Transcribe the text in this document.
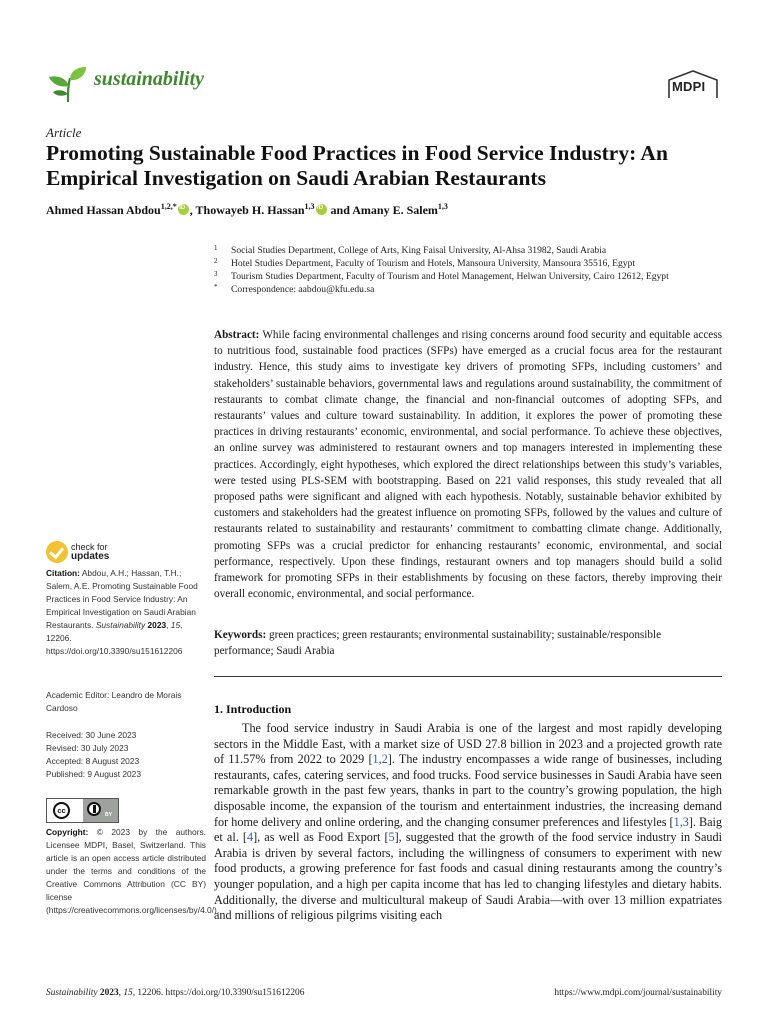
sustainability	MDPI
Article
Promoting Sustainable Food Practices in Food Service Industry: An Empirical Investigation on Saudi Arabian Restaurants
Ahmed Hassan Abdou$^{1,2,*}$iD , Thowayeb H. Hassan$^{1,3}$iD and Amany E. Salem$^{1,3}$
1 Social Studies Department, College of Arts, King Faisal University, Al-Ahsa 31982, Saudi Arabia
2 Hotel Studies Department, Faculty of Tourism and Hotels, Mansoura University, Mansoura 35516, Egypt
3 Tourism Studies Department, Faculty of Tourism and Hotel Management, Helwan University, Cairo 12612, Egypt
* Correspondence: aabdou@kfu.edu.sa
Abstract: While facing environmental challenges and rising concerns around food security and equitable access to nutritious food, sustainable food practices (SFPs) have emerged as a crucial focus area for the restaurant industry. Hence, this study aims to investigate key drivers of promoting SFPs, including customers’ and stakeholders’ sustainable behaviors, governmental laws and regulations around sustainability, the commitment of restaurants to combat climate change, the financial and non-financial outcomes of adopting SFPs, and restaurants’ values and culture toward sustainability. In addition, it explores the power of promoting these practices in driving restaurants’ economic, environmental, and social performance. To achieve these objectives, an online survey was administered to restaurant owners and top managers interested in implementing these practices. Accordingly, eight hypotheses, which explored the direct relationships between this study’s variables, were tested using PLS-SEM with bootstrapping. Based on 221 valid responses, this study revealed that all proposed paths were significant and aligned with each hypothesis. Notably, sustainable behavior exhibited by customers and stakeholders had the greatest influence on promoting SFPs, followed by the values and culture of restaurants related to sustainability and restaurants’ commitment to combatting climate change. Additionally, promoting SFPs was a crucial predictor for enhancing restaurants’ economic, environmental, and social performance, respectively. Upon these findings, restaurant owners and top managers should build a solid framework for promoting SFPs in their establishments by focusing on these factors, thereby improving their overall economic, environmental, and social performance.
Keywords: green practices; green restaurants; environmental sustainability; sustainable/responsible performance; Saudi Arabia
1. Introduction
The food service industry in Saudi Arabia is one of the largest and most rapidly developing sectors in the Middle East, with a market size of USD 27.8 billion in 2023 and a projected growth rate of 11.57% from 2022 to 2029 [1,2]. The industry encompasses a wide range of businesses, including restaurants, cafes, catering services, and food trucks. Food service businesses in Saudi Arabia have seen remarkable growth in the past few years, thanks in part to the country’s growing population, the high disposable income, the expansion of the tourism and entertainment industries, the increasing demand for home delivery and online ordering, and the changing consumer preferences and lifestyles [1,3]. Baig et al. [4], as well as Food Export [5], suggested that the growth of the food service industry in Saudi Arabia is driven by several factors, including the willingness of consumers to experiment with new food products, a growing preference for fast foods and casual dining restaurants among the country’s younger population, and a high per capita income that has led to changing lifestyles and dietary habits. Additionally, the diverse and multicultural makeup of Saudi Arabia—with over 13 million expatriates and millions of religious pilgrims visiting each
check for
updates
Citation: Abdou, A.H.; Hassan, T.H.; Salem, A.E. Promoting Sustainable Food Practices in Food Service Industry: An Empirical Investigation on Saudi Arabian Restaurants. Sustainability 2023, 15, 12206. https://doi.org/10.3390/su151612206
Academic Editor: Leandro de Morais Cardoso
Received: 30 June 2023
Revised: 30 July 2023
Accepted: 8 August 2023
Published: 9 August 2023
cc	BY
Copyright: © 2023 by the authors. Licensee MDPI, Basel, Switzerland. This article is an open access article distributed under the terms and conditions of the Creative Commons Attribution (CC BY) license (https://creativecommons.org/licenses/by/4.0/).
Sustainability 2023, 15, 12206. https://doi.org/10.3390/su151612206	https://www.mdpi.com/journal/sustainability
